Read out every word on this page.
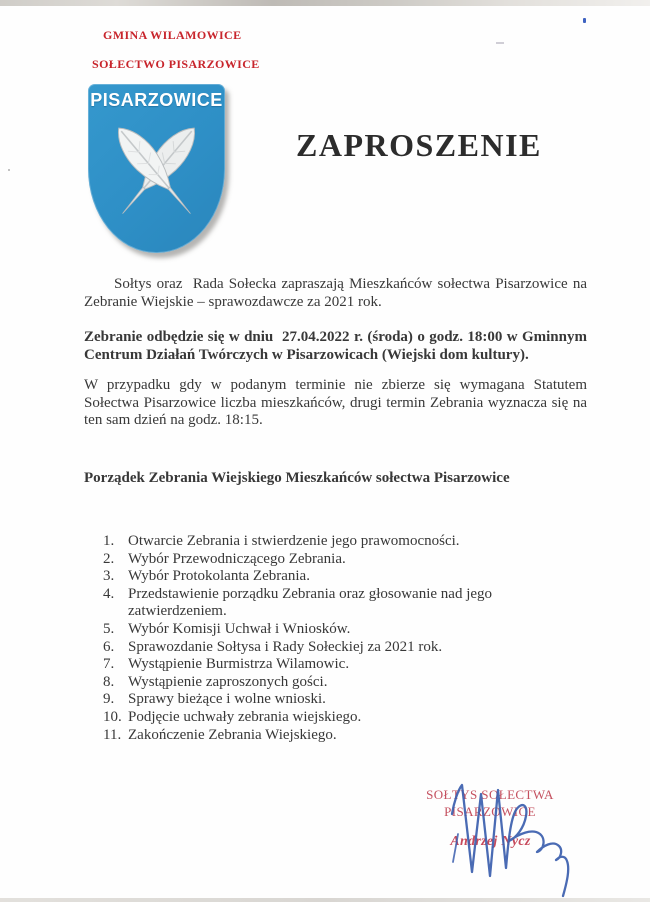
GMINA WILAMOWICE
SOŁECTWO PISARZOWICE
PISARZOWICE
ZAPROSZENIE
Sołtys oraz  Rada Sołecka zapraszają Mieszkańców sołectwa Pisarzowice na Zebranie Wiejskie – sprawozdawcze za 2021 rok.
Zebranie odbędzie się w dniu  27.04.2022 r. (środa) o godz. 18:00 w Gminnym Centrum Działań Twórczych w Pisarzowicach (Wiejski dom kultury).
W przypadku gdy w podanym terminie nie zbierze się wymagana Statutem Sołectwa Pisarzowice liczba mieszkańców, drugi termin Zebrania wyznacza się na ten sam dzień na godz. 18:15.
Porządek Zebrania Wiejskiego Mieszkańców sołectwa Pisarzowice
1. Otwarcie Zebrania i stwierdzenie jego prawomocności.
2. Wybór Przewodniczącego Zebrania.
3. Wybór Protokolanta Zebrania.
4. Przedstawienie porządku Zebrania oraz głosowanie nad jego zatwierdzeniem.
5. Wybór Komisji Uchwał i Wniosków.
6. Sprawozdanie Sołtysa i Rady Sołeckiej za 2021 rok.
7. Wystąpienie Burmistrza Wilamowic.
8. Wystąpienie zaproszonych gości.
9. Sprawy bieżące i wolne wnioski.
10. Podjęcie uchwały zebrania wiejskiego.
11. Zakończenie Zebrania Wiejskiego.
SOŁTYS SOŁECTWA
PISARZOWICE
Andrzej Nycz
